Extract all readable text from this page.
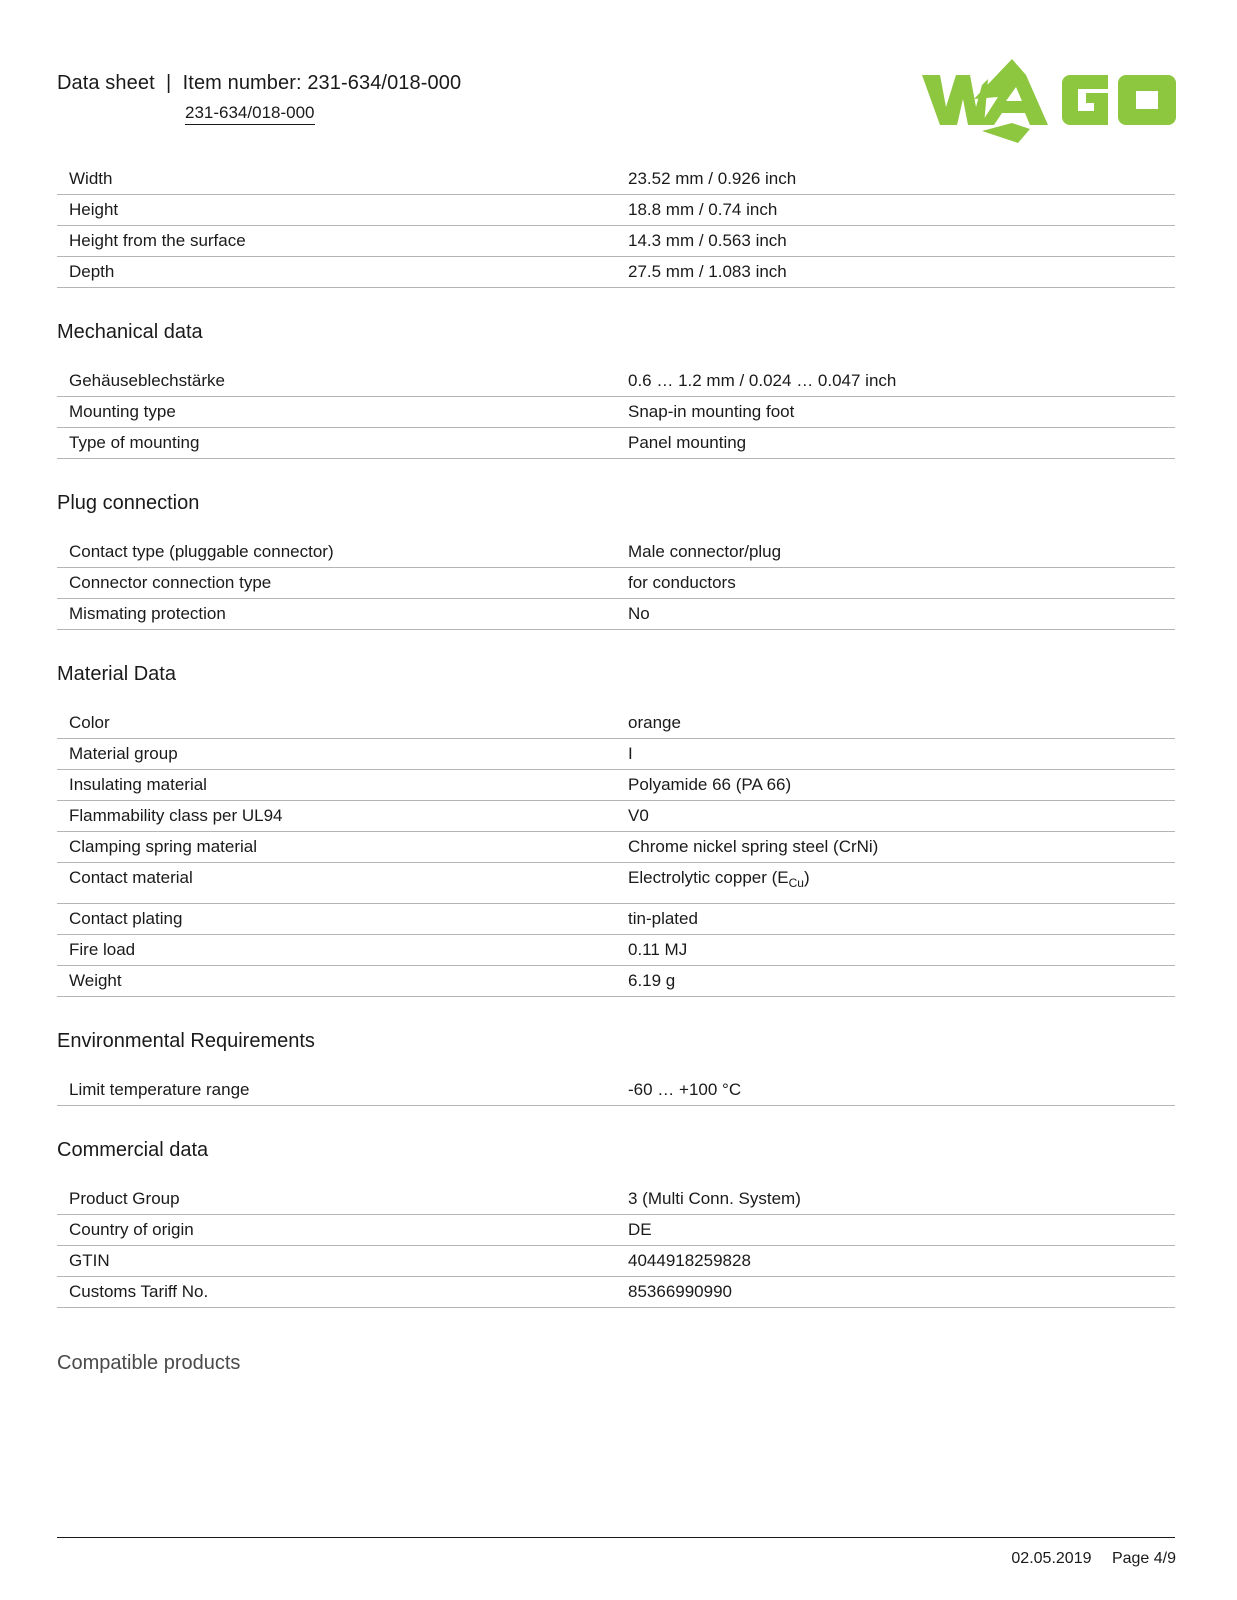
Data sheet  |  Item number: 231-634/018-000
231-634/018-000
Width	23.52 mm / 0.926 inch
Height	18.8 mm / 0.74 inch
Height from the surface	14.3 mm / 0.563 inch
Depth	27.5 mm / 1.083 inch
Mechanical data
Gehäuseblechstärke	0.6 … 1.2 mm / 0.024 … 0.047 inch
Mounting type	Snap-in mounting foot
Type of mounting	Panel mounting
Plug connection
Contact type (pluggable connector)	Male connector/plug
Connector connection type	for conductors
Mismating protection	No
Material Data
Color	orange
Material group	I
Insulating material	Polyamide 66 (PA 66)
Flammability class per UL94	V0
Clamping spring material	Chrome nickel spring steel (CrNi)
Contact material	Electrolytic copper $(E_{Cu})$
Contact plating	tin-plated
Fire load	0.11 MJ
Weight	6.19 g
Environmental Requirements
Limit temperature range	-60 … +100 °C
Commercial data
Product Group	3 (Multi Conn. System)
Country of origin	DE
GTIN	4044918259828
Customs Tariff No.	85366990990
Compatible products
02.05.2019 Page 4/9
